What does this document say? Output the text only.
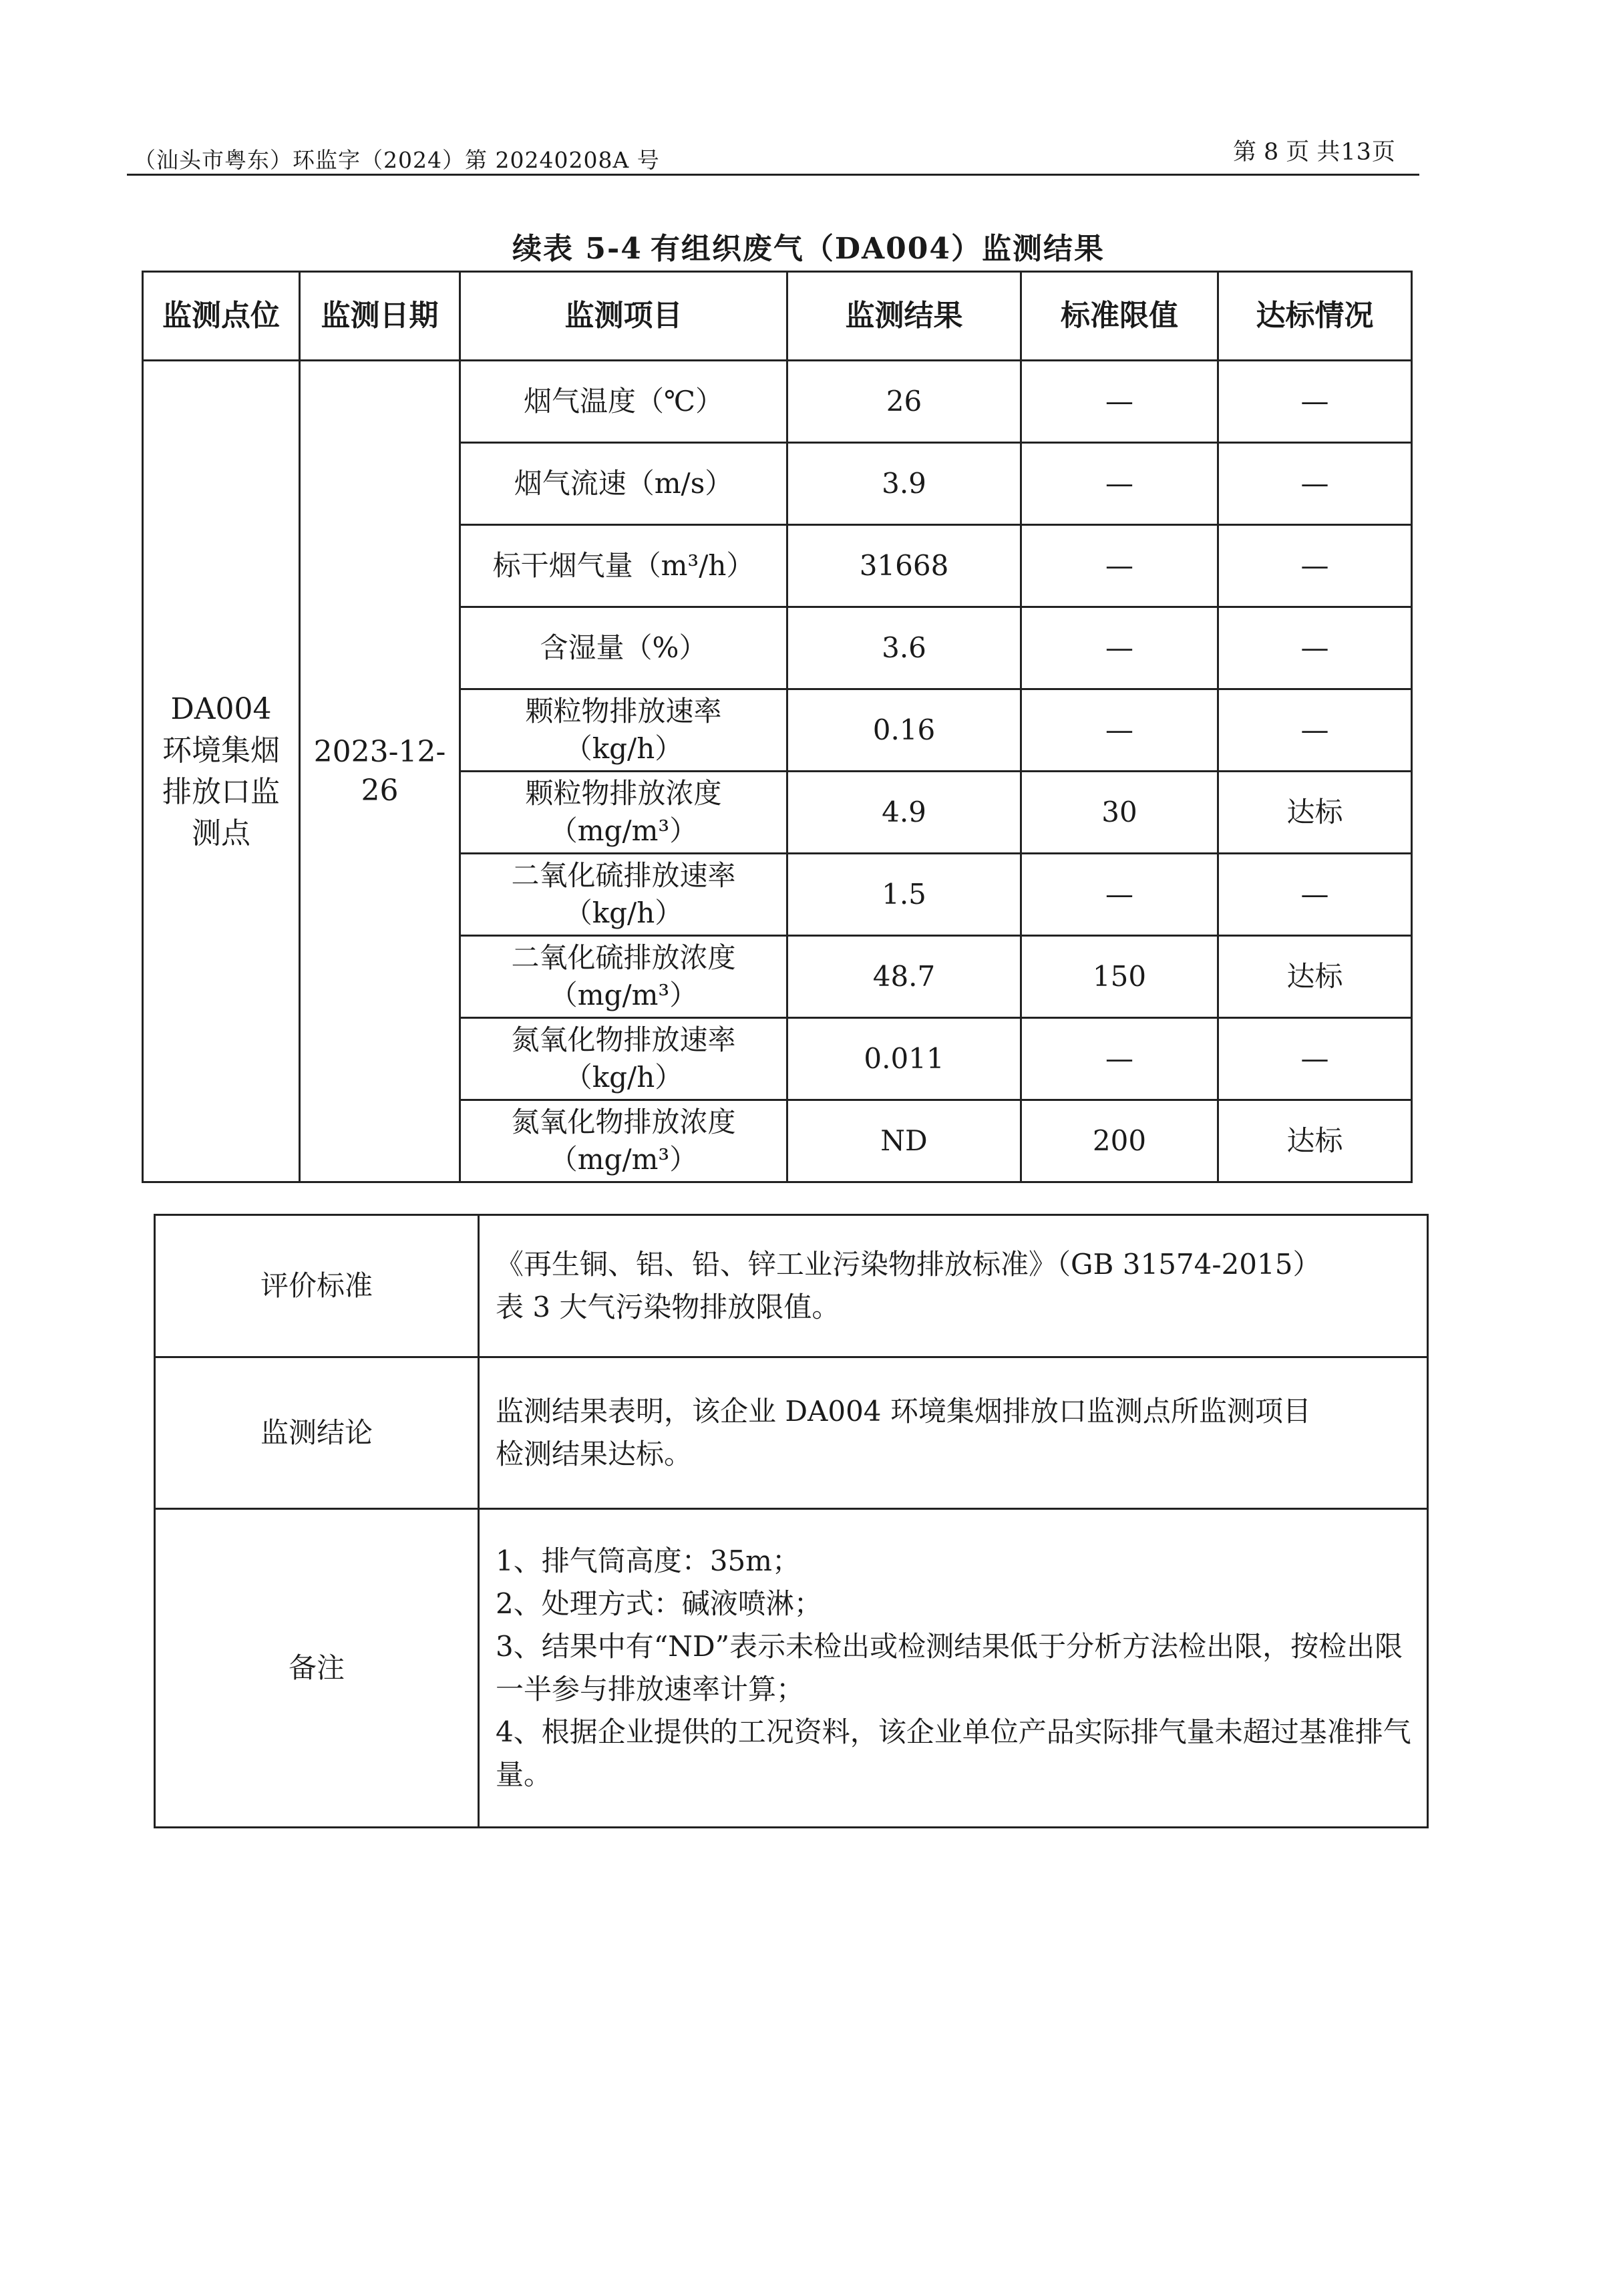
（汕头市粤东）环监字（2024）第 20240208A 号	第 8 页 共13页
续表 5-4 有组织废气（DA004）监测结果
监测点位	监测日期	监测项目	监测结果	标准限值	达标情况

DA004
环境集烟
排放口监
测点	2023-12-26	烟气温度（℃）	26	—	—

		烟气流速（m/s）	3.9	—	—

		标干烟气量（m³/h）	31668	—	—

		含湿量（%）	3.6	—	—

		颗粒物排放速率
（kg/h）	0.16	—	—

		颗粒物排放浓度
（mg/m³）	4.9	30	达标

		二氧化硫排放速率
（kg/h）	1.5	—	—

		二氧化硫排放浓度
（mg/m³）	48.7	150	达标

		氮氧化物排放速率
（kg/h）	0.011	—	—

		氮氧化物排放浓度
（mg/m³）	ND	200	达标
评价标准	《再生铜、铝、铅、锌工业污染物排放标准》（GB 31574-2015）
表 3 大气污染物排放限值。

监测结论	监测结果表明，该企业 DA004 环境集烟排放口监测点所监测项目
检测结果达标。

备注	1、排气筒高度：35m；
2、处理方式：碱液喷淋；
3、结果中有“ND”表示未检出或检测结果低于分析方法检出限，按检出限一半参与排放速率计算；
4、根据企业提供的工况资料，该企业单位产品实际排气量未超过基准排气量。
